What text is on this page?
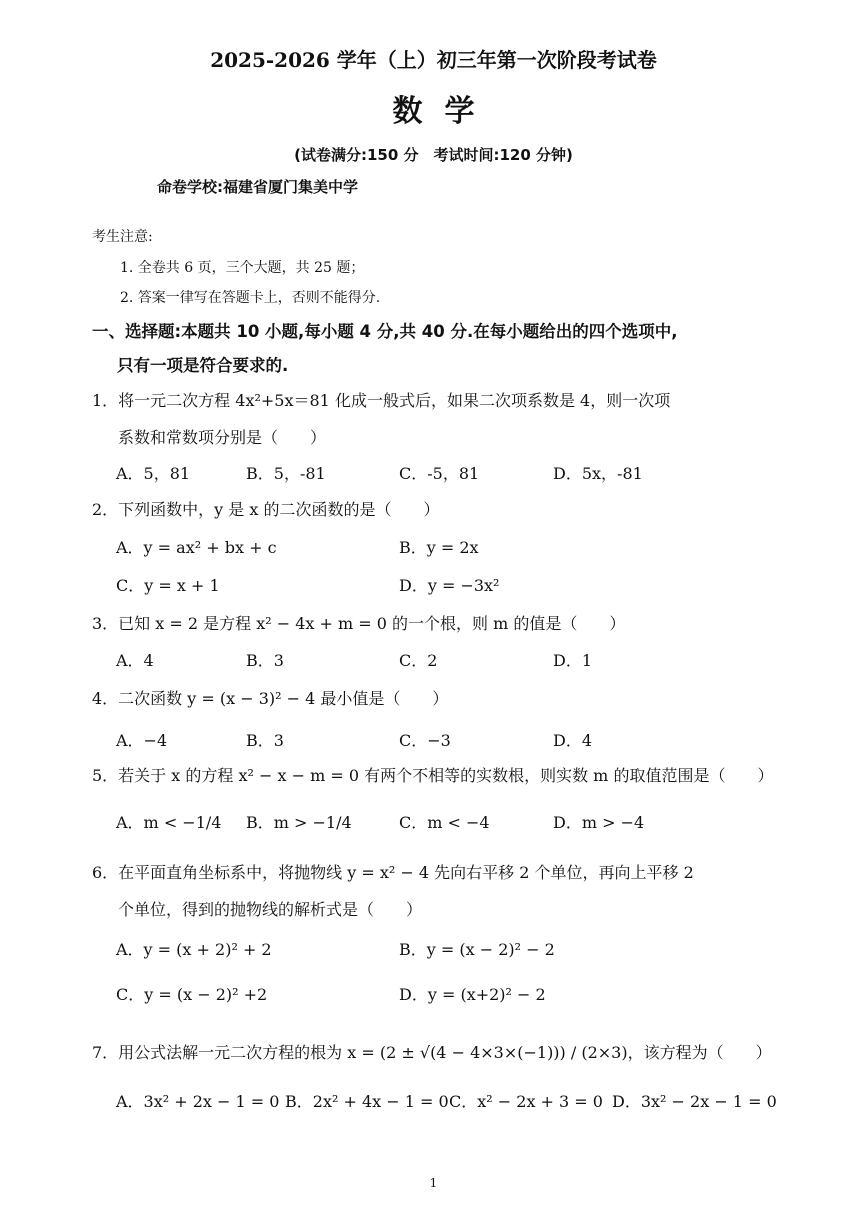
2025-2026 学年（上）初三年第一次阶段考试卷
数学
(试卷满分:150 分　考试时间:120 分钟)
命卷学校:福建省厦门集美中学
考生注意:
1. 全卷共 6 页，三个大题，共 25 题；
2. 答案一律写在答题卡上，否则不能得分.
一、选择题:本题共 10 小题,每小题 4 分,共 40 分.在每小题给出的四个选项中,
只有一项是符合要求的.
1．将一元二次方程 4x²+5x＝81 化成一般式后，如果二次项系数是 4，则一次项
系数和常数项分别是（　　）
A．5，81	B．5，-81	C．-5，81	D．5x，-81
2．下列函数中，y 是 x 的二次函数的是（　　）
A．y = ax² + bx + c	B．y = 2x
C．y = x + 1	D．y = −3x²
3．已知 x = 2 是方程 x² − 4x + m = 0 的一个根，则 m 的值是（　　）
A．4	B．3	C．2	D．1
4．二次函数 y = (x − 3)² − 4 最小值是（　　）
A．−4	B．3	C．−3	D．4
5．若关于 x 的方程 x² − x − m = 0 有两个不相等的实数根，则实数 m 的取值范围是（　　）
A．m < −1/4 B．m > −1/4	C．m < −4	D．m > −4
6．在平面直角坐标系中，将抛物线 y = x² − 4 先向右平移 2 个单位，再向上平移 2
个单位，得到的抛物线的解析式是（　　）
A．y = (x + 2)² + 2	B．y = (x − 2)² − 2
C．y = (x − 2)² +2	D．y = (x+2)² − 2
7．用公式法解一元二次方程的根为 x = (2 ± √(4 − 4×3×(−1))) / (2×3)，该方程为（　　）
A．3x² + 2x − 1 = 0 B．2x² + 4x − 1 = 0 C．x² − 2x + 3 = 0 D．3x² − 2x − 1 = 0
1
